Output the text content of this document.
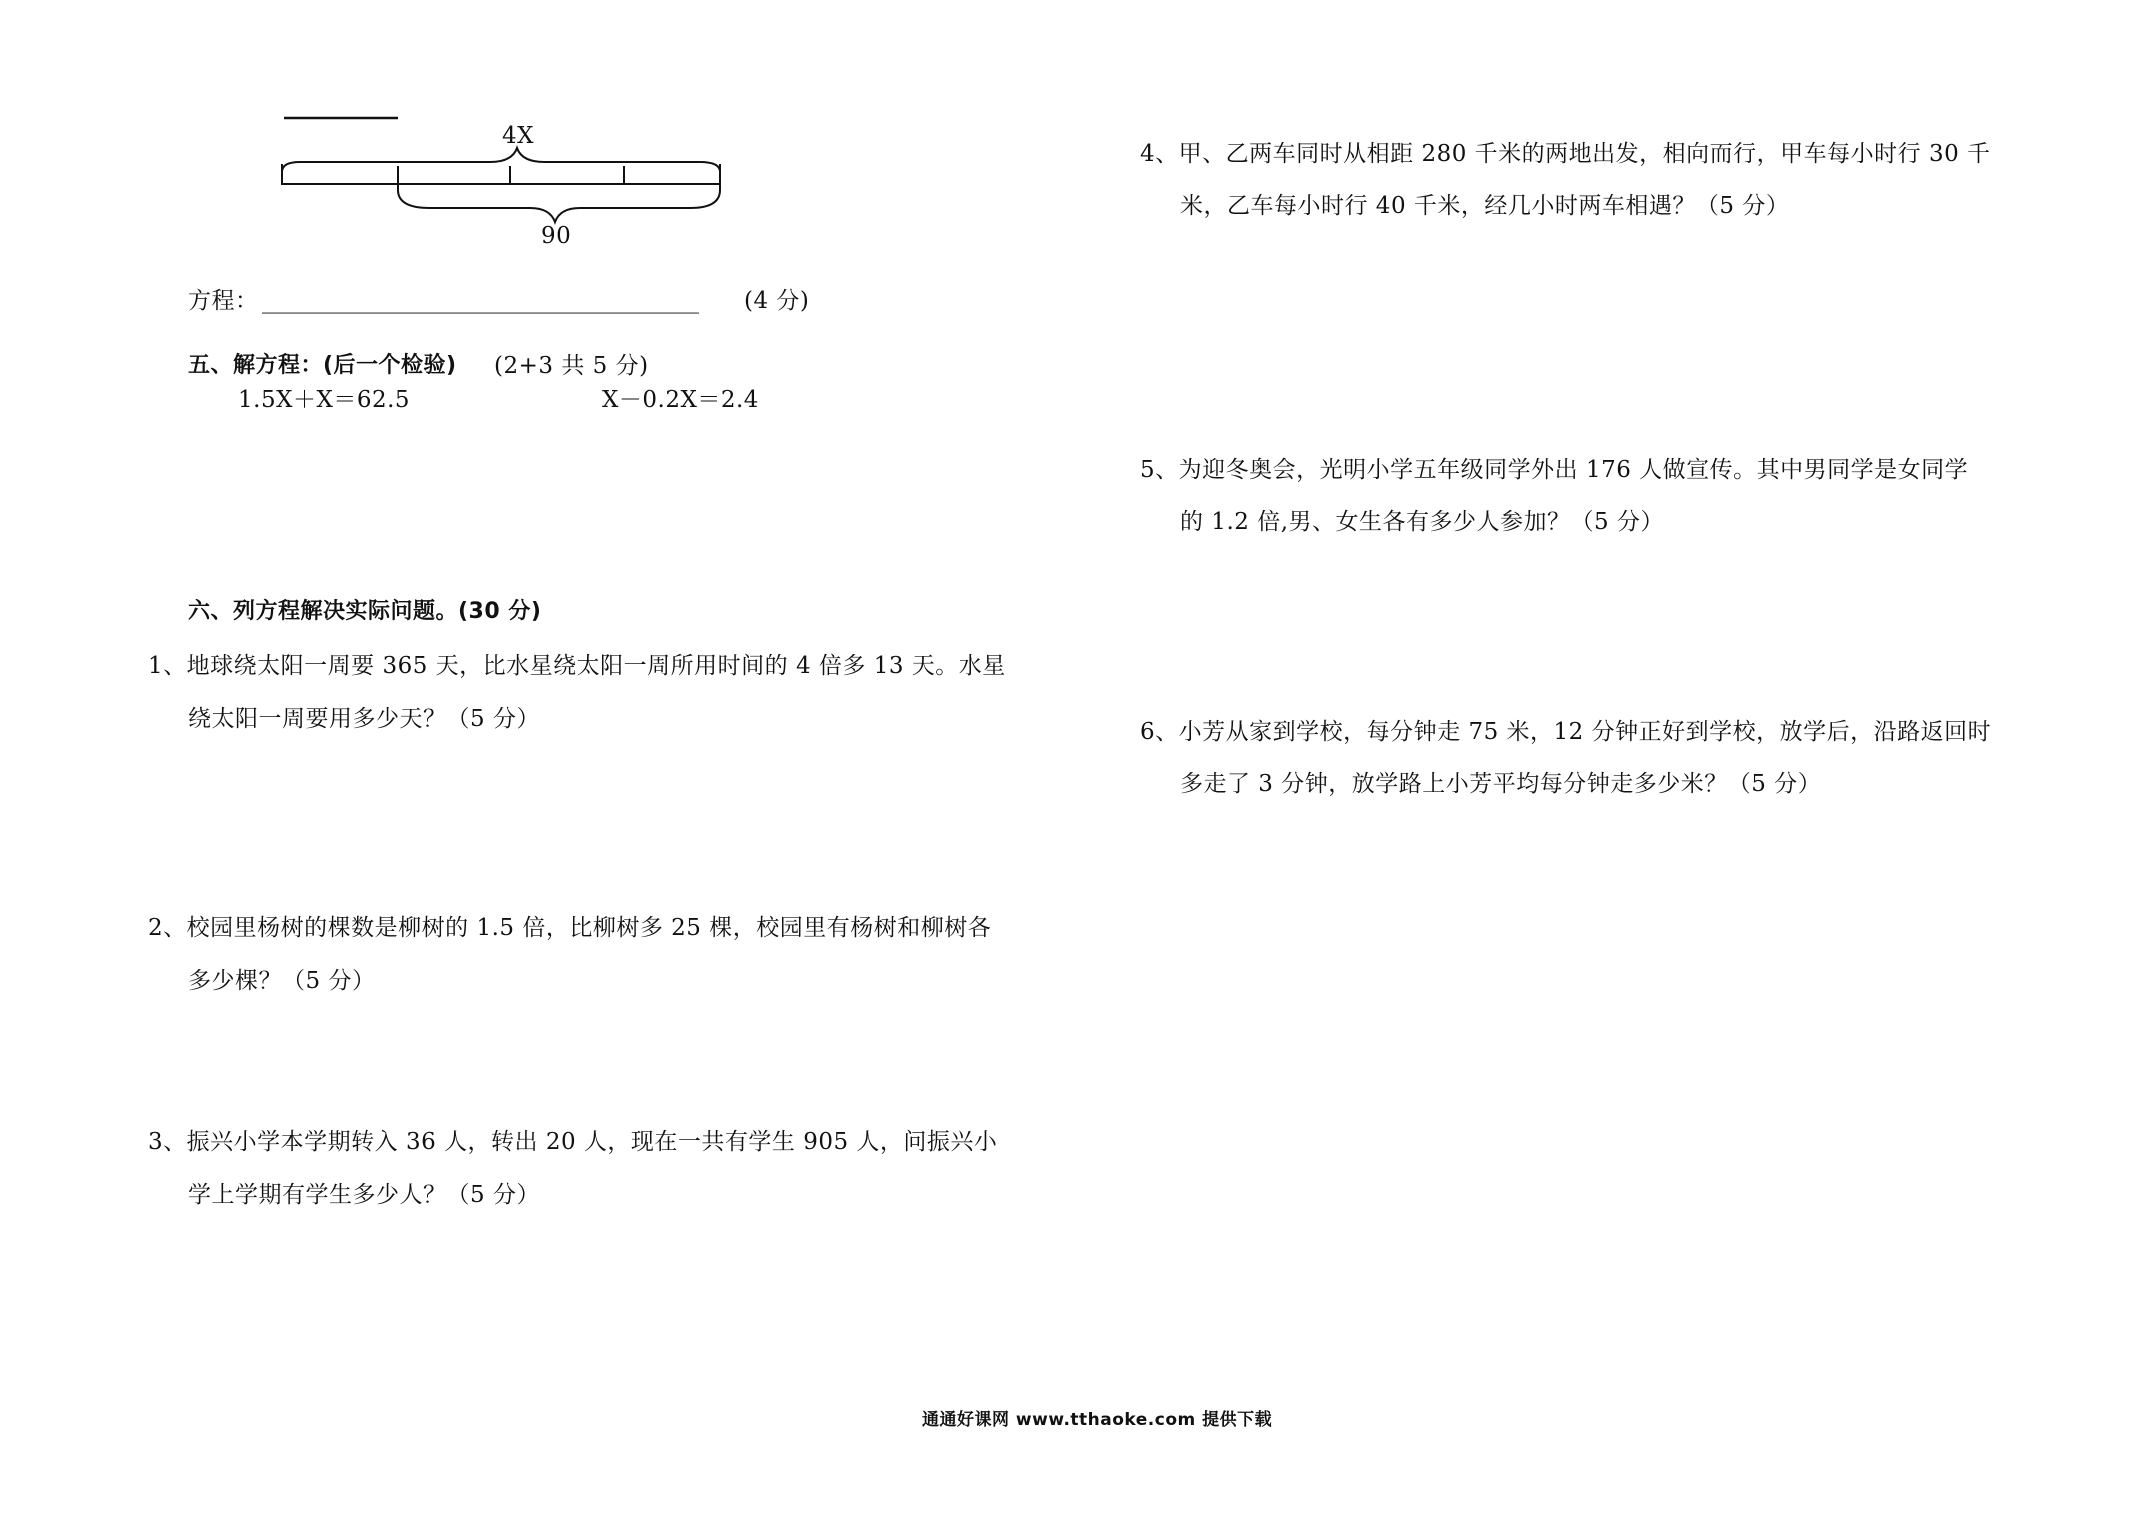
4X
90
方程： ______________________________________ (4 分)
五、解方程：(后一个检验) (2+3 共 5 分)
1.5X＋X＝62.5	X－0.2X＝2.4
六、列方程解决实际问题。(30 分)
1、地球绕太阳一周要 365 天，比水星绕太阳一周所用时间的 4 倍多 13 天。水星
绕太阳一周要用多少天？（5 分）
2、校园里杨树的棵数是柳树的 1.5 倍，比柳树多 25 棵，校园里有杨树和柳树各
多少棵？（5 分）
3、振兴小学本学期转入 36 人，转出 20 人，现在一共有学生 905 人，问振兴小
学上学期有学生多少人？（5 分）
4、甲、乙两车同时从相距 280 千米的两地出发，相向而行，甲车每小时行 30 千
米，乙车每小时行 40 千米，经几小时两车相遇？（5 分）
5、为迎冬奥会，光明小学五年级同学外出 176 人做宣传。其中男同学是女同学
的 1.2 倍,男、女生各有多少人参加？（5 分）
6、小芳从家到学校，每分钟走 75 米，12 分钟正好到学校，放学后，沿路返回时
多走了 3 分钟，放学路上小芳平均每分钟走多少米？（5 分）
通通好课网 www.tthaoke.com 提供下载
